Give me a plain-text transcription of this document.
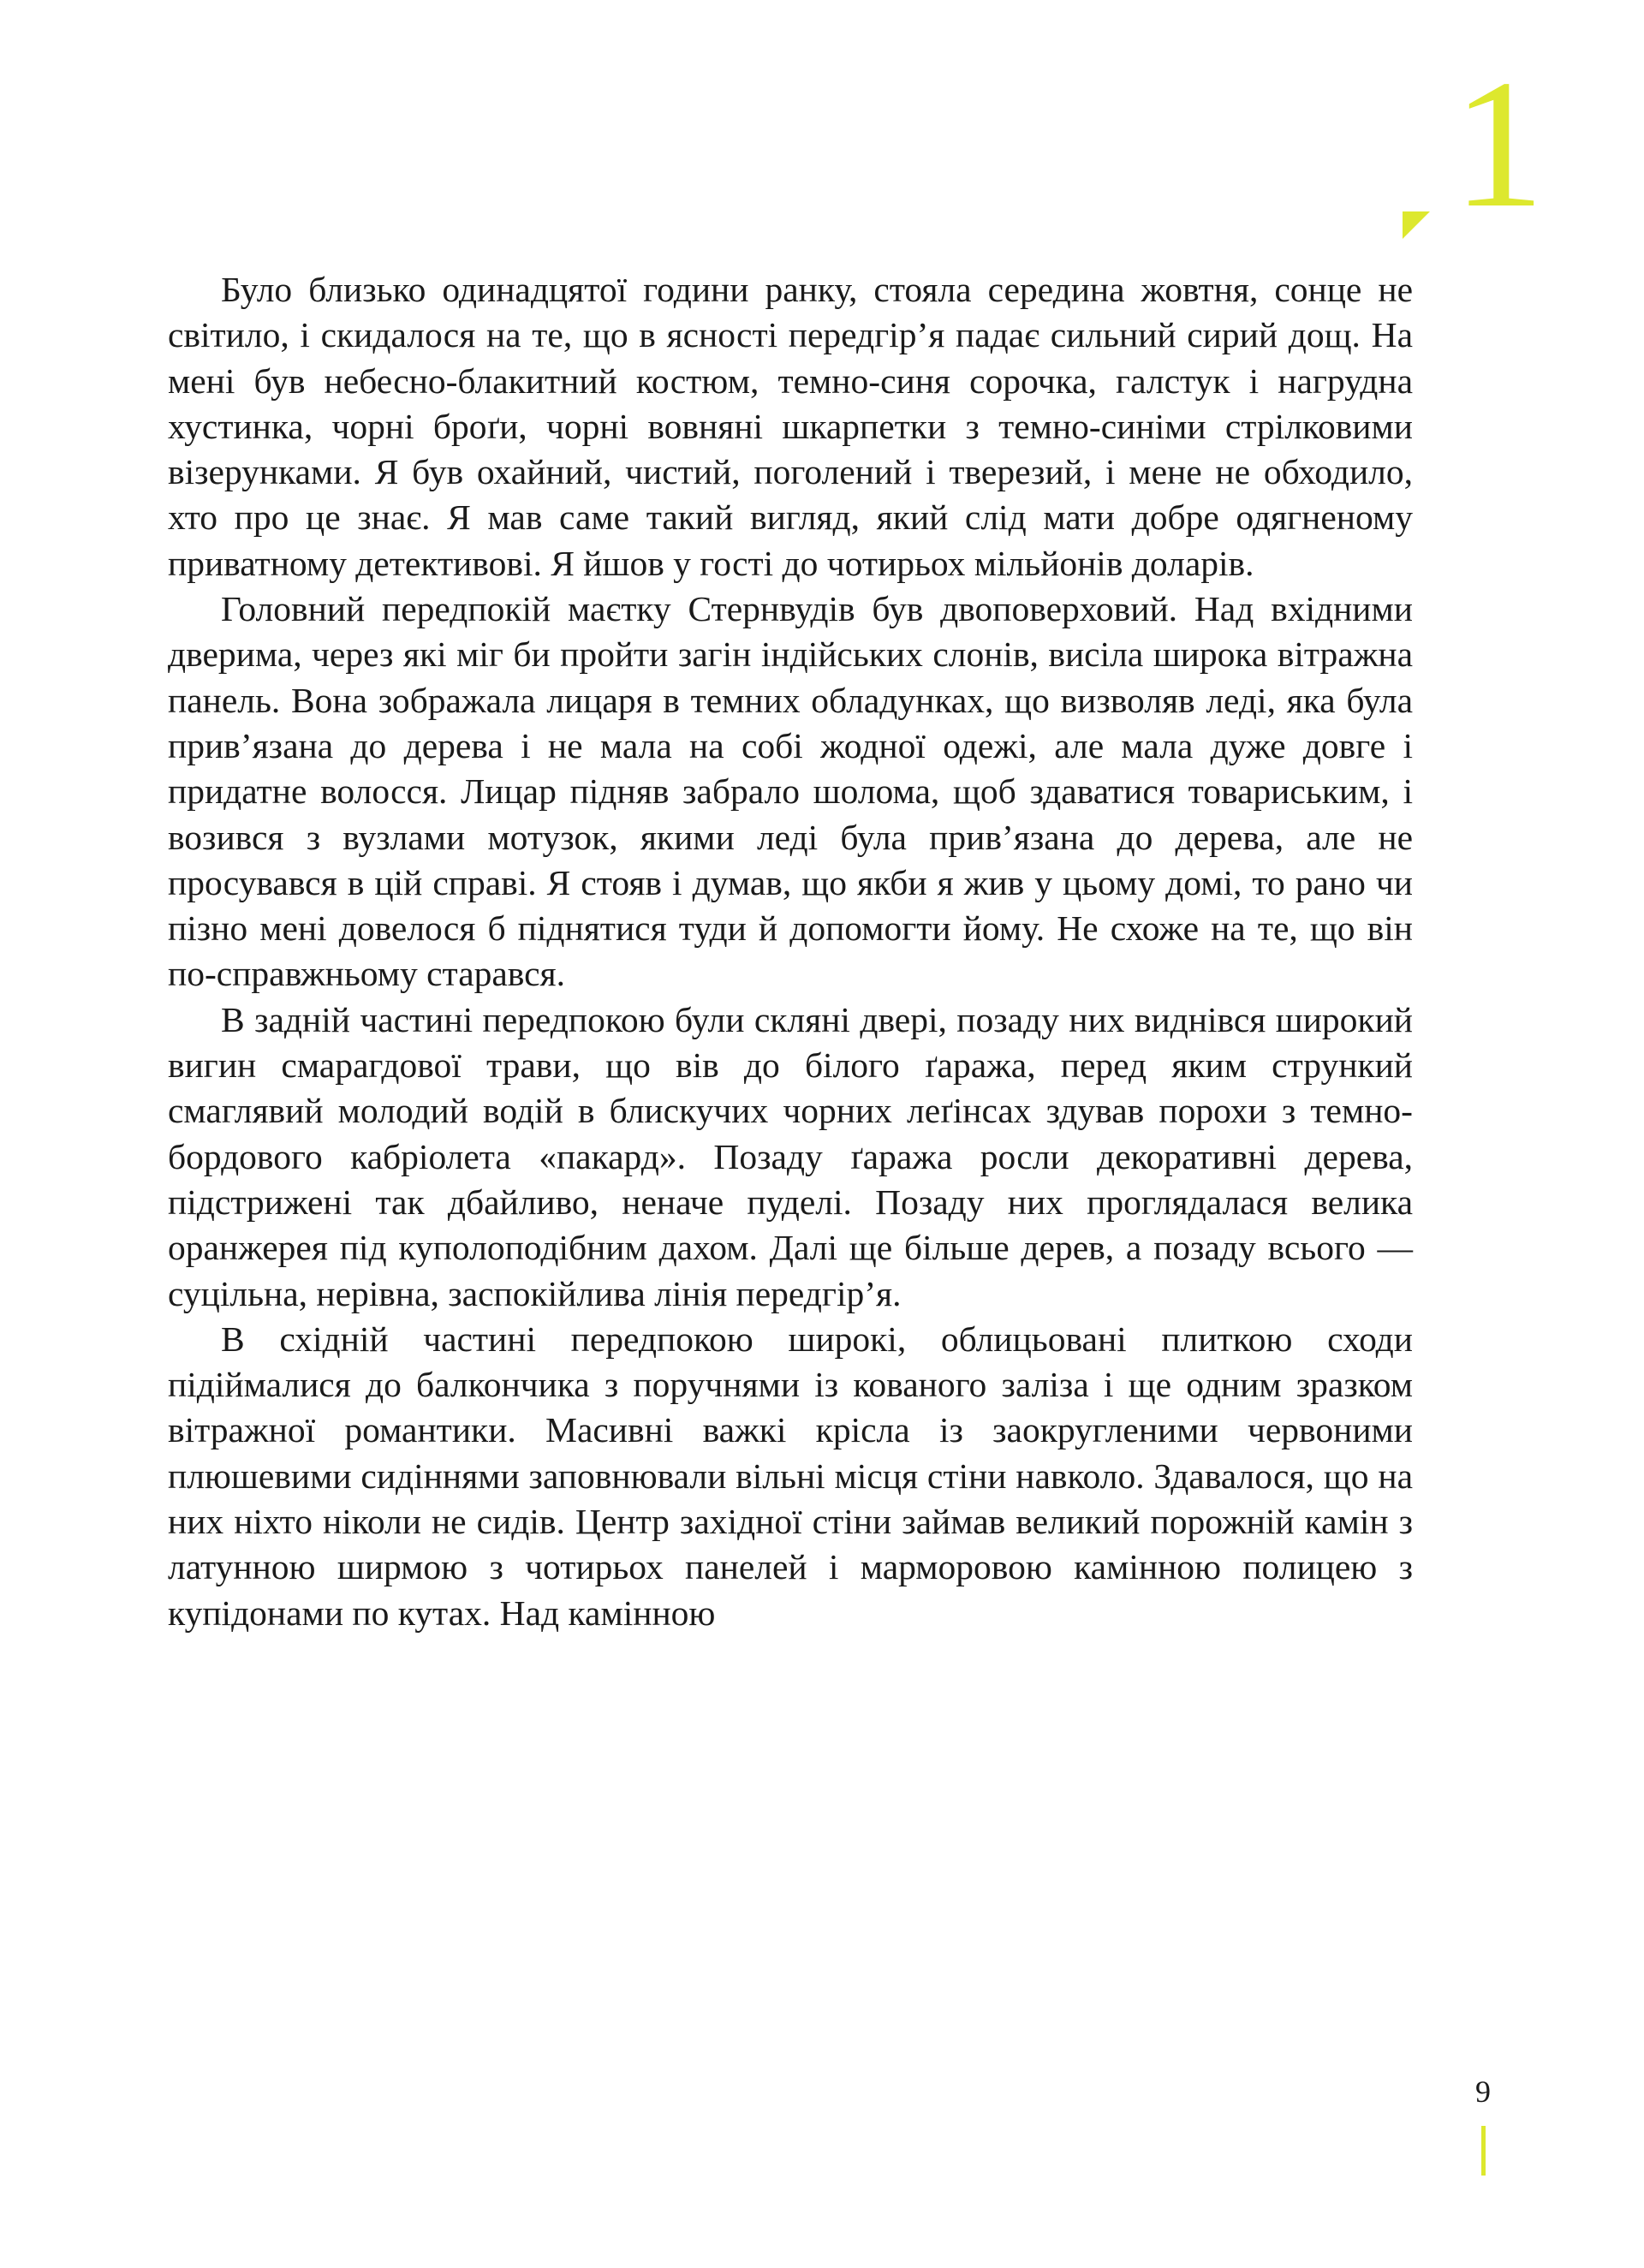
1

Було близько одинадцятої години ранку, стояла середина жовтня, сонце не світило, і скидалося на те, що в ясності передгір’я падає сильний сирий дощ. На мені був небесно-блакитний костюм, темно-синя сорочка, галстук і нагрудна хустинка, чорні броґи, чорні вовняні шкарпетки з темно-синіми стрілковими візерунками. Я був охайний, чистий, поголений і тверезий, і мене не обходило, хто про це знає. Я мав саме такий вигляд, який слід мати добре одягненому приватному детективові. Я йшов у гості до чотирьох мільйонів доларів.

Головний передпокій маєтку Стернвудів був двоповерховий. Над вхідними дверима, через які міг би пройти загін індійських слонів, висіла широка вітражна панель. Вона зображала лицаря в темних обладунках, що визволяв леді, яка була прив’язана до дерева і не мала на собі жодної одежі, але мала дуже довге і придатне волосся. Лицар підняв забрало шолома, щоб здаватися товариським, і возився з вузлами мотузок, якими леді була прив’язана до дерева, але не просувався в цій справі. Я стояв і думав, що якби я жив у цьому домі, то рано чи пізно мені довелося б піднятися туди й допомогти йому. Не схоже на те, що він по-справжньому старався.

В задній частині передпокою були скляні двері, позаду них виднівся широкий вигин смарагдової трави, що вів до білого ґаража, перед яким стрункий смаглявий молодий водій в блискучих чорних леґінсах здував порохи з темно-бордового кабріолета «пакард». Позаду ґаража росли декоративні дерева, підстрижені так дбайливо, неначе пуделі. Позаду них проглядалася велика оранжерея під куполоподібним дахом. Далі ще більше дерев, а позаду всього — суцільна, нерівна, заспокійлива лінія передгір’я.

В східній частині передпокою широкі, облицьовані плиткою сходи підіймалися до балкончика з поручнями із кованого заліза і ще одним зразком вітражної романтики. Масивні важкі крісла із заокругленими червоними плюшевими сидіннями заповнювали вільні місця стіни навколо. Здавалося, що на них ніхто ніколи не сидів. Центр західної стіни займав великий порожній камін з латунною ширмою з чотирьох панелей і марморовою камінною полицею з купідонами по кутах. Над камінною

9
